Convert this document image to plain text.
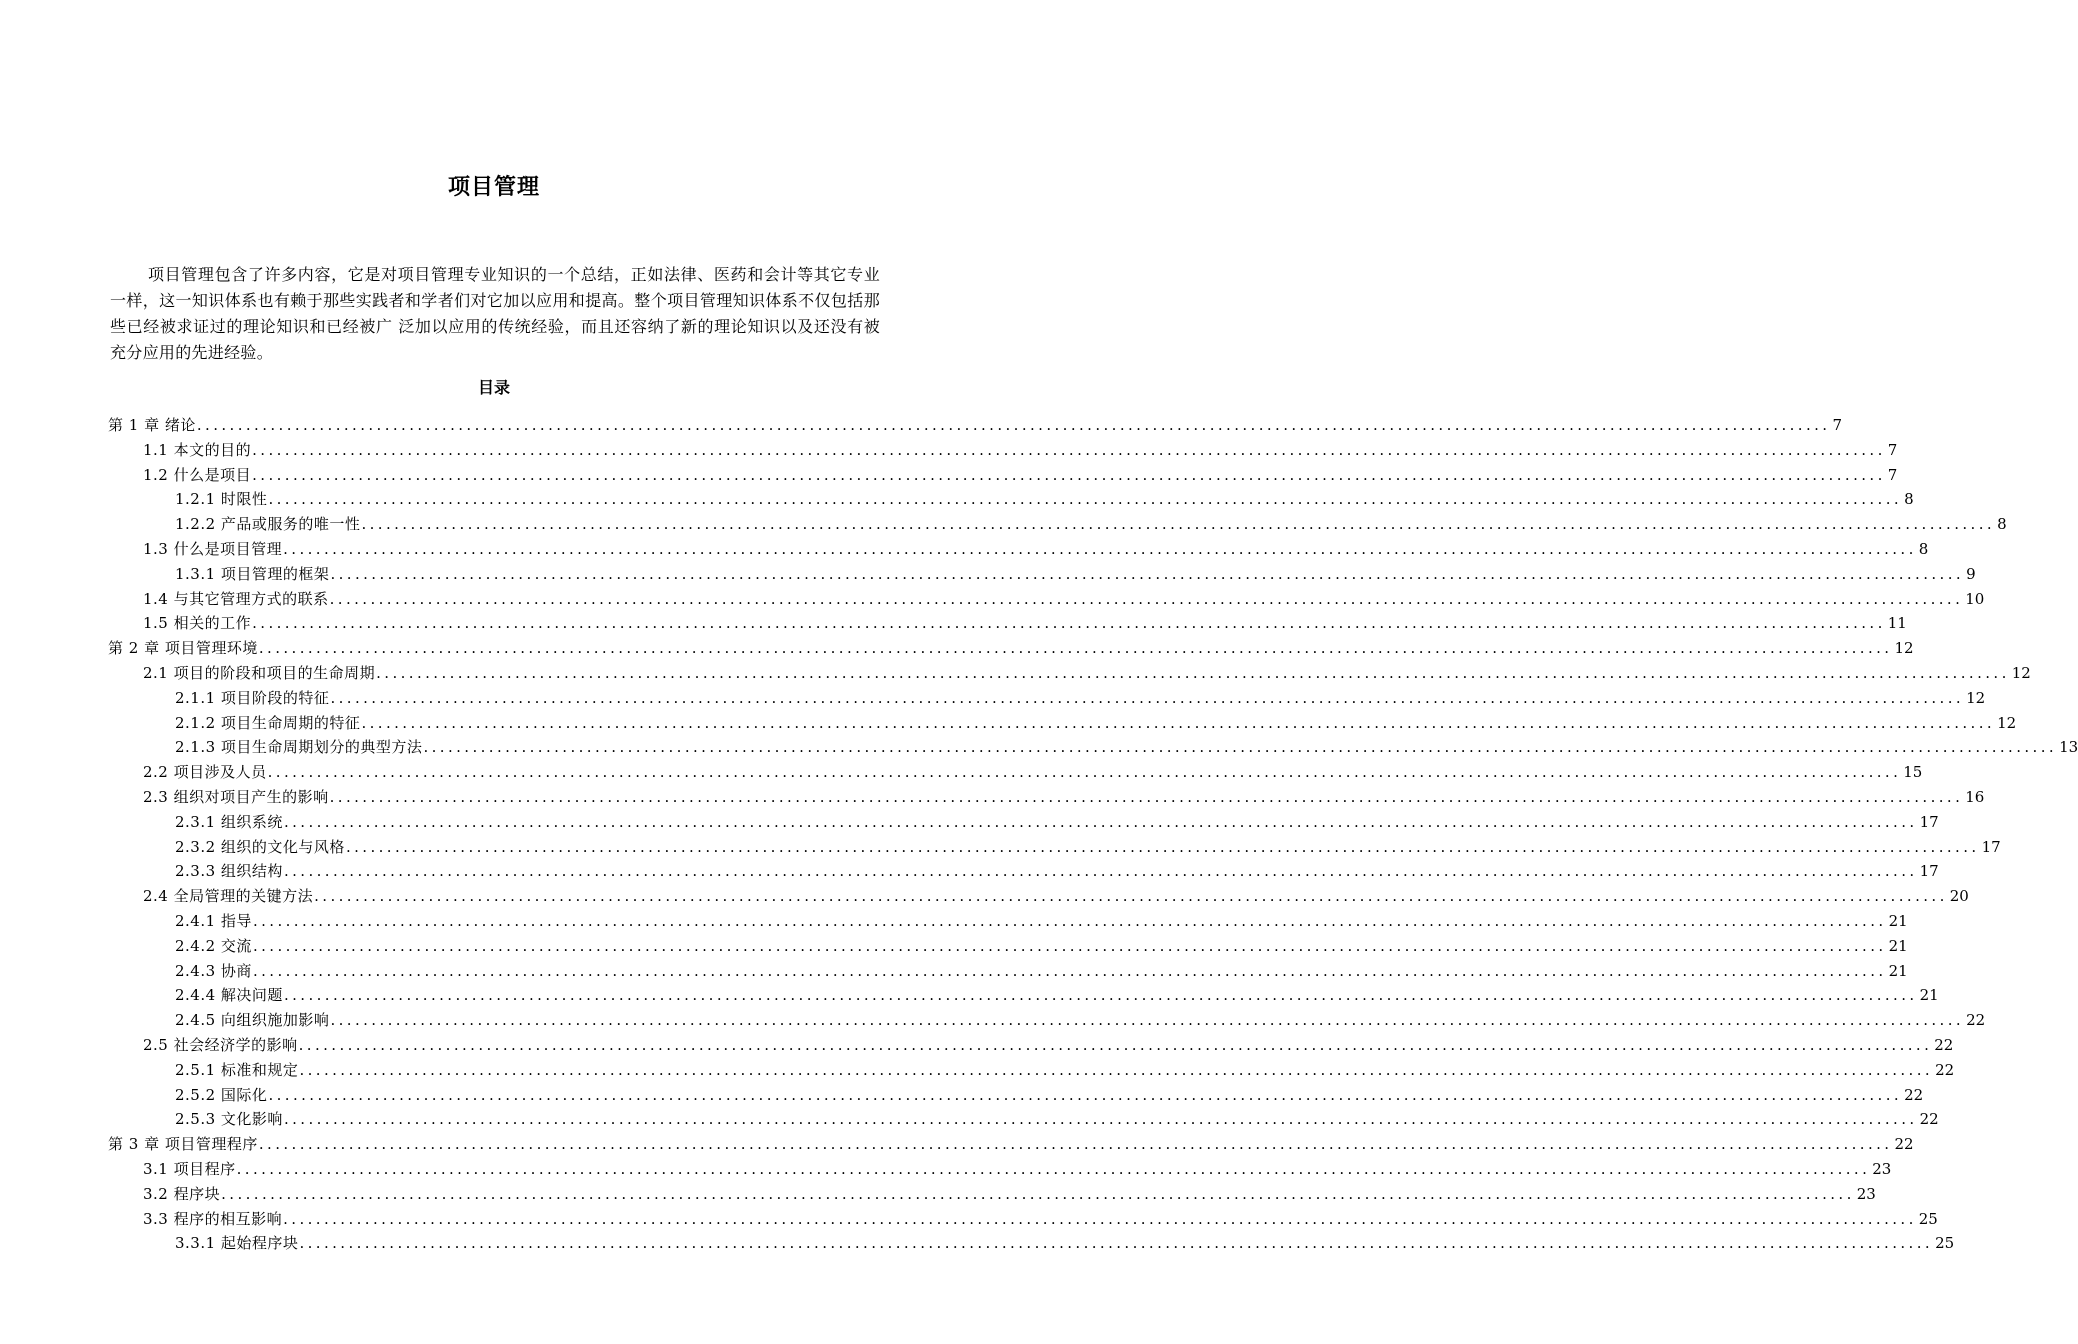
项目管理
项目管理包含了许多内容，它是对项目管理专业知识的一个总结，正如法律、医药和会计等其它专业一样，这一知识体系也有赖于那些实践者和学者们对它加以应用和提高。整个项目管理知识体系不仅包括那些已经被求证过的理论知识和已经被广 泛加以应用的传统经验，而且还容纳了新的理论知识以及还没有被充分应用的先进经验。
目录
第 1 章 绪论 ........................................................................................................................................................................................................ 7
1.1 本文的目的 ........................................................................................................................................................................................................ 7
1.2 什么是项目 ........................................................................................................................................................................................................ 7
1.2.1 时限性 ........................................................................................................................................................................................................ 8
1.2.2 产品或服务的唯一性 ........................................................................................................................................................................................................ 8
1.3 什么是项目管理 ........................................................................................................................................................................................................ 8
1.3.1 项目管理的框架 ........................................................................................................................................................................................................ 9
1.4 与其它管理方式的联系 ........................................................................................................................................................................................................ 10
1.5 相关的工作 ........................................................................................................................................................................................................ 11
第 2 章 项目管理环境 ........................................................................................................................................................................................................ 12
2.1 项目的阶段和项目的生命周期 ........................................................................................................................................................................................................ 12
2.1.1 项目阶段的特征 ........................................................................................................................................................................................................ 12
2.1.2 项目生命周期的特征 ........................................................................................................................................................................................................ 12
2.1.3 项目生命周期划分的典型方法 ........................................................................................................................................................................................................ 13
2.2 项目涉及人员 ........................................................................................................................................................................................................ 15
2.3 组织对项目产生的影响 ........................................................................................................................................................................................................ 16
2.3.1 组织系统 ........................................................................................................................................................................................................ 17
2.3.2 组织的文化与风格 ........................................................................................................................................................................................................ 17
2.3.3 组织结构 ........................................................................................................................................................................................................ 17
2.4 全局管理的关键方法 ........................................................................................................................................................................................................ 20
2.4.1 指导 ........................................................................................................................................................................................................ 21
2.4.2 交流 ........................................................................................................................................................................................................ 21
2.4.3 协商 ........................................................................................................................................................................................................ 21
2.4.4 解决问题 ........................................................................................................................................................................................................ 21
2.4.5 向组织施加影响 ........................................................................................................................................................................................................ 22
2.5 社会经济学的影响 ........................................................................................................................................................................................................ 22
2.5.1 标准和规定 ........................................................................................................................................................................................................ 22
2.5.2 国际化 ........................................................................................................................................................................................................ 22
2.5.3 文化影响 ........................................................................................................................................................................................................ 22
第 3 章 项目管理程序 ........................................................................................................................................................................................................ 22
3.1 项目程序 ........................................................................................................................................................................................................ 23
3.2 程序块 ........................................................................................................................................................................................................ 23
3.3 程序的相互影响 ........................................................................................................................................................................................................ 25
3.3.1 起始程序块 ........................................................................................................................................................................................................ 25
